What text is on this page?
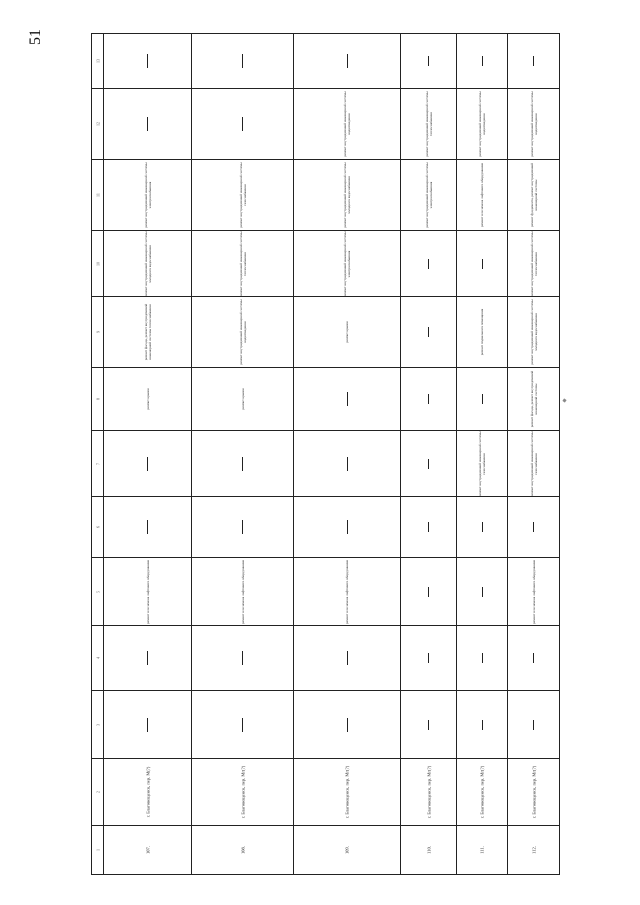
51
1
2
3
4
5
6
7
8
9
10
11
12
13
107.
г. Благовещенск, пер. М(?)
ремонт или замена лифтового оборудования
ремонт крыши
ремонт фасада, ремонт внутридомовой инженерной системы теплоснабжения
ремонт внутридомовой инженерной системы холодного водоснабжения
ремонт внутридомовой инженерной системы электроснабжения
108.
г. Благовещенск, пер. Мг(?)
ремонт или замена лифтового оборудования
ремонт крыши
ремонт внутридомовой инженерной системы водоотведения
ремонт внутридомовой инженерной системы теплоснабжения
ремонт внутридомовой инженерной системы газоснабжения
109.
г. Благовещенск, пер. Мг(?)
ремонт или замена лифтового оборудования
ремонт крыши
ремонт внутридомовой инженерной системы электроснабжения
ремонт внутридомовой инженерной системы холодного водоснабжения
ремонт внутридомовой инженерной системы водоотведения
110.
г. Благовещенск, пер. Мг(?)
ремонт внутридомовой инженерной системы электроснабжения
ремонт внутридомовой инженерной системы теплоснабжения
111.
г. Благовещенск, пер. Мг(?)
ремонт внутридомовой инженерной системы газоснабжения
ремонт подвального помещения
ремонт или замена лифтового оборудования
ремонт внутридомовой инженерной системы водоотведения
112.
г. Благовещенск, пер. Мг(?)
ремонт или замена лифтового оборудования
ремонт внутридомовой инженерной системы газоснабжения
ремонт фасада, ремонт внутридомовой инженерной системы
ремонт внутридомовой инженерной системы холодного водоснабжения
ремонт внутридомовой инженерной системы теплоснабжения
ремонт фундамента, ремонт внутридомовой инженерной системы
ремонт внутридомовой инженерной системы водоотведения
